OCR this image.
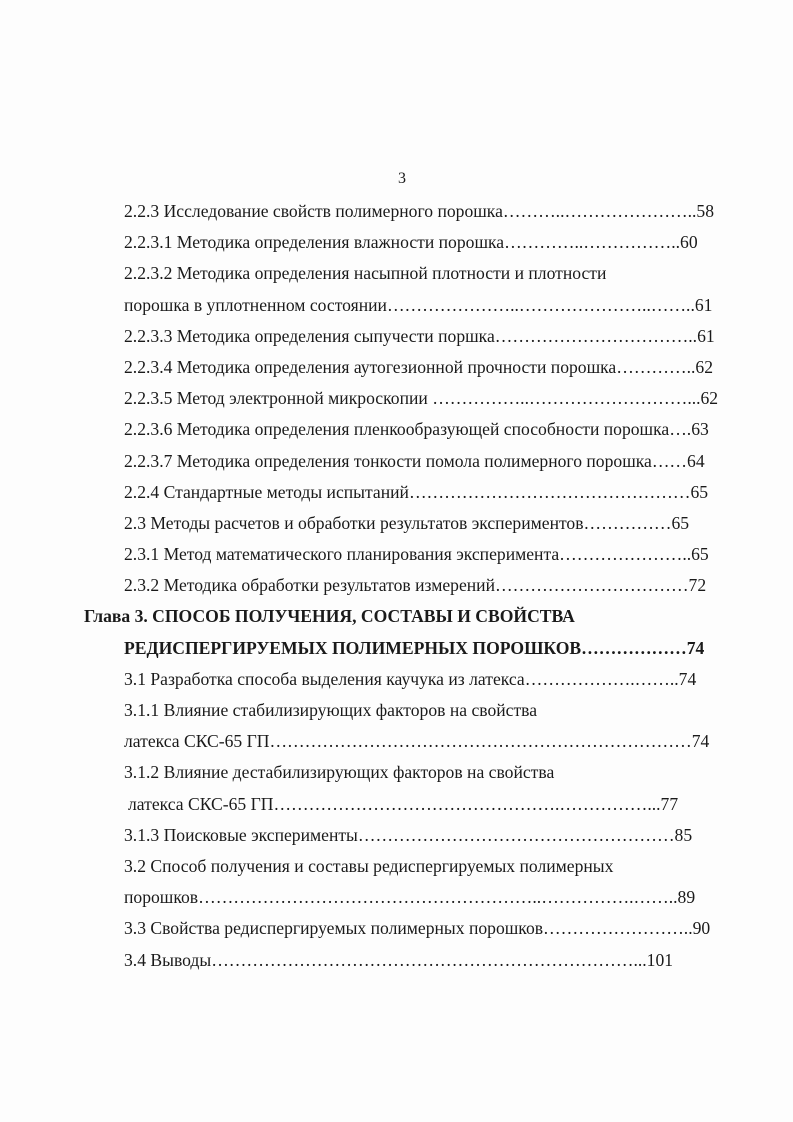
3
2.2.3 Исследование свойств полимерного порошка………..…………………..58
2.2.3.1 Методика определения влажности порошка…………..……………..60
2.2.3.2 Методика определения насыпной плотности и плотности
порошка в уплотненном состоянии…………………..…………………..……..61
2.2.3.3 Методика определения сыпучести поршка……………………………..61
2.2.3.4 Методика определения аутогезионной прочности порошка…………..62
2.2.3.5 Метод электронной микроскопии ……………..………………………...62
2.2.3.6 Методика определения пленкообразующей способности порошка….63
2.2.3.7 Методика определения тонкости помола полимерного порошка……64
2.2.4 Стандартные методы испытаний…………………………………………65
2.3 Методы расчетов и обработки результатов экспериментов……………65
2.3.1 Метод математического планирования эксперимента…………………..65
2.3.2 Методика обработки результатов измерений……………………………72
Глава 3. СПОСОБ ПОЛУЧЕНИЯ, СОСТАВЫ И СВОЙСТВА
РЕДИСПЕРГИРУЕМЫХ ПОЛИМЕРНЫХ ПОРОШКОВ………………74
3.1 Разработка способа выделения каучука из латекса……………….……..74
3.1.1 Влияние стабилизирующих факторов на свойства
латекса СКС-65 ГП………………………………………………………………74
3.1.2 Влияние дестабилизирующих факторов на свойства
латекса СКС-65 ГП………………………………………….……………...77
3.1.3 Поисковые эксперименты………………………………………………85
3.2 Способ получения и составы редиспергируемых полимерных
порошков…………………………………………………..…………….……..89
3.3 Свойства редиспергируемых полимерных порошков……………………..90
3.4 Выводы………………………………………………………………...101
